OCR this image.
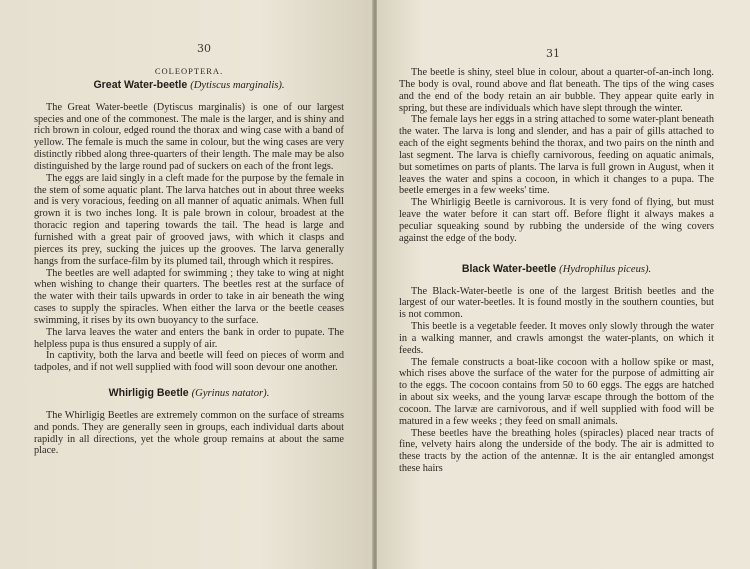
30
COLEOPTERA.
Great Water-beetle (Dytiscus marginalis).

The Great Water-beetle (Dytiscus marginalis) is one of our largest species and one of the commonest. The male is the larger, and is shiny and rich brown in colour, edged round the thorax and wing case with a band of yellow. The female is much the same in colour, but the wing cases are very distinctly ribbed along three-quarters of their length. The male may be also distinguished by the large round pad of suckers on each of the front legs.

The eggs are laid singly in a cleft made for the purpose by the female in the stem of some aquatic plant. The larva hatches out in about three weeks and is very voracious, feeding on all manner of aquatic animals. When full grown it is two inches long. It is pale brown in colour, broadest at the thoracic region and tapering towards the tail. The head is large and furnished with a great pair of grooved jaws, with which it clasps and pierces its prey, sucking the juices up the grooves. The larva generally hangs from the surface-film by its plumed tail, through which it respires.

The beetles are well adapted for swimming ; they take to wing at night when wishing to change their quarters. The beetles rest at the surface of the water with their tails upwards in order to take in air beneath the wing cases to supply the spiracles. When either the larva or the beetle ceases swimming, it rises by its own buoyancy to the surface.

The larva leaves the water and enters the bank in order to pupate. The helpless pupa is thus ensured a supply of air.

In captivity, both the larva and beetle will feed on pieces of worm and tadpoles, and if not well supplied with food will soon devour one another.

Whirligig Beetle (Gyrinus natator).

The Whirligig Beetles are extremely common on the surface of streams and ponds. They are generally seen in groups, each individual darts about rapidly in all directions, yet the whole group remains at about the same place.

31

The beetle is shiny, steel blue in colour, about a quarter-of-an-inch long. The body is oval, round above and flat beneath. The tips of the wing cases and the end of the body retain an air bubble. They appear quite early in spring, but these are individuals which have slept through the winter.

The female lays her eggs in a string attached to some water-plant beneath the water. The larva is long and slender, and has a pair of gills attached to each of the eight segments behind the thorax, and two pairs on the ninth and last segment. The larva is chiefly carnivorous, feeding on aquatic animals, but sometimes on parts of plants. The larva is full grown in August, when it leaves the water and spins a cocoon, in which it changes to a pupa. The beetle emerges in a few weeks' time.

The Whirligig Beetle is carnivorous. It is very fond of flying, but must leave the water before it can start off. Before flight it always makes a peculiar squeaking sound by rubbing the underside of the wing covers against the edge of the body.

Black Water-beetle (Hydrophilus piceus).

The Black-Water-beetle is one of the largest British beetles and the largest of our water-beetles. It is found mostly in the southern counties, but is not common.

This beetle is a vegetable feeder. It moves only slowly through the water in a walking manner, and crawls amongst the water-plants, on which it feeds.

The female constructs a boat-like cocoon with a hollow spike or mast, which rises above the surface of the water for the purpose of admitting air to the eggs. The cocoon contains from 50 to 60 eggs. The eggs are hatched in about six weeks, and the young larvæ escape through the bottom of the cocoon. The larvæ are carnivorous, and if well supplied with food will be matured in a few weeks ; they feed on small animals.

These beetles have the breathing holes (spiracles) placed near tracts of fine, velvety hairs along the underside of the body. The air is admitted to these tracts by the action of the antennæ. It is the air entangled amongst these hairs
